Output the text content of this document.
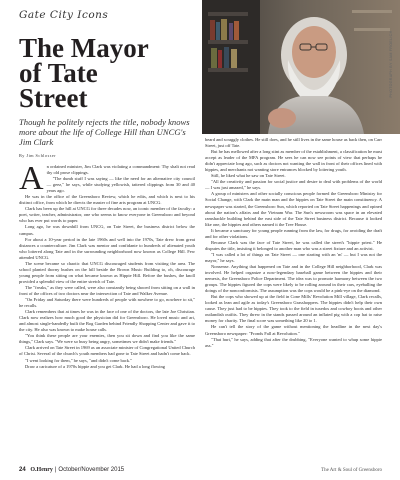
Gate City Icons
The Mayor
of Tate
Street
Though he politely rejects the title, nobody knows more about the life of College Hill than UNCG's Jim Clark
By Jim Schlosser

An ordained minister, Jim Clark was violating a commandment: Thy shalt not read thy old prose clippings.

"The dumb stuff I was saying — like the need for an alternative city council — geez," he says, while studying yellowish, tattered clippings from 30 and 40 years ago.

He was in the office of the Greensboro Review, which he edits, and which is next to his distinct office, from which he directs the master of fine arts program at UNCG.

Clark has been up the hill at UNCG for three decades now, an iconic member of the faculty: a poet, writer, teacher, administrator, one who seems to know everyone in Greensboro and beyond who has ever put words to paper.

Long ago, he was downhill from UNCG, on Tate Street, the business district below the campus.

For about a 10-year period in the late 1960s and well into the 1970s, Tate drew from great distances a counterculture. Jim Clark was mentor and confidante to hundreds of alienated youth who loitered along Tate and in the surrounding neighborhood now known as College Hill. Few attended UNCG.

The scene became so chaotic that UNCG discouraged students from visiting the area. The school planted thorny bushes on the hill beside the Brown Music Building to, oh, discourage young people from sitting on what became known as Hippie Hill. Before the bushes, the knoll provided a splendid view of the entire stretch of Tate.

The "freaks," as they were called, were also constantly being shooed from sitting on a wall in front of the offices of two doctors near the intersection of Tate and Walker Avenue.

"On Friday and Saturday there were hundreds of people with nowhere to go, nowhere to sit," he recalls.

Clark remembers that at times he was in the face of one of the doctors, the late Joe Christian. Clark now realizes how much good the physician did for Greensboro. He loved music and art, and almost single-handedly built the Bog Garden behind Friendly Shopping Center and gave it to the city. He also was known to make house calls.

"You think these people are your enemies, then you sit down and find you like the same things," Clark says. "We were so busy being angry, sometimes we didn't make friends."

Clark arrived on Tate Street in 1969 as an associate minister of Congregational United Church of Christ. Several of the church's youth members had gone to Tate Street and hadn't come back.

"I went looking for them," he says, "and didn't come back."

Draw a caricature of a 1970s hippie and you get Clark. He had a long flowing

PHOTOGRAPH BY SAM FROELICH

beard and scraggly clothes. He still does, and he still lives in the same house as back then, on Carr Street, just off Tate.

But he has mellowed after a long stint as member of the establishment, a classification he must accept as leader of the MFA program. He sees he can now see points of view that perhaps he didn't appreciate long ago, such as doctors not wanting the wall in front of their offices lined with hippies, and merchants not wanting store entrances blocked by loitering youth.

Still, he liked what he saw on Tate Street.

"All the creativity and passion for social justice and desire to deal with problems of the world — I was just amazed," he says.

A group of ministers and other socially conscious people formed the Greensboro Ministry for Social Change, with Clark the main man and the hippies on Tate Street the main constituency. A newspaper was started, the Greensboro Sun, which reported on Tate Street happenings and opined about the nation's affairs and the Vietnam War. The Sun's newsroom was space in an elevated ramshackle building behind the east side of the Tate Street business district. Because it looked like one, the hippies and others named it the Tree House.

It became a sanctuary for young people running from the law, for drugs, for avoiding the draft and for other violations.

Because Clark was the face of Tate Street, he was called the street's "hippie priest." He disputes the title, insisting it belonged to another man who was a street fixture and an activist.

"I was called a lot of things on Tate Street — one starting with an 'm' — but I was not the mayor," he says.

Nonsense. Anything that happened on Tate and in the College Hill neighborhood, Clark was involved. He helped organize a now-legendary baseball game between the hippies and their nemesis, the Greensboro Police Department. The idea was to promote harmony between the two groups. The hippies figured the cops were likely to be rolling around in their cars, eyeballing the doings of the nonconformists. The assumption was the cops would be a pink-eye on the diamond.

But the cops who showed up at the field in Cone Mills' Revolution Mill village, Clark recalls, looked as lean and agile as today's Greensboro Grasshoppers. The hippies didn't help their own cause. They just had to be hippies. They took to the field in tuxedos and cowboy boots and other outlandish outfits. They threw in the stands passed around an inflated pig with a cop hat to raise money for charity. The final score was something like 20 to 1.

He can't tell the story of the game without mentioning the headline in the next day's Greensboro newspaper: "Fronds Fall at Revolution."

"That hurt," he says, adding that after the drubbing, "Everyone wanted to whup some hippie ass."

24 O.Henry | October/November 2015	The Art & Soul of Greensboro
